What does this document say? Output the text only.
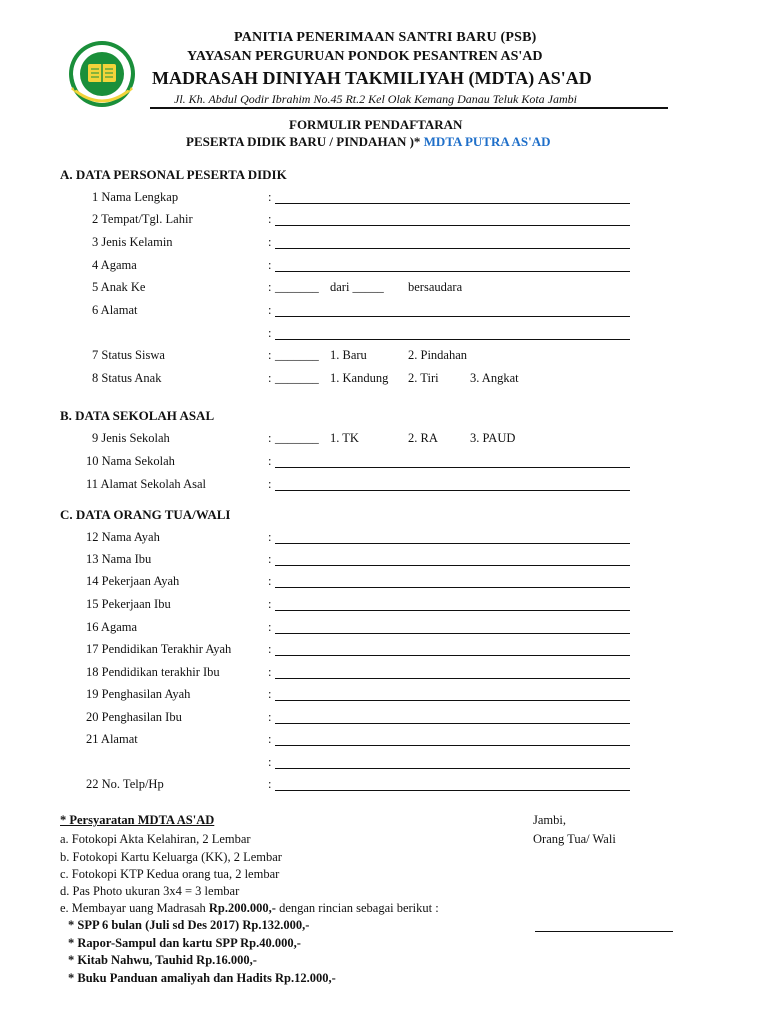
PANITIA PENERIMAAN SANTRI BARU (PSB)
YAYASAN PERGURUAN PONDOK PESANTREN AS'AD
MADRASAH DINIYAH TAKMILIYAH (MDTA) AS'AD
Jl. Kh. Abdul Qodir Ibrahim No.45 Rt.2 Kel Olak Kemang Danau Teluk Kota Jambi
FORMULIR PENDAFTARAN
PESERTA DIDIK BARU / PINDAHAN )* MDTA PUTRA AS'AD
A. DATA PERSONAL PESERTA DIDIK
1 Nama Lengkap	:
2 Tempat/Tgl. Lahir	:
3 Jenis Kelamin	:
4 Agama	:
5 Anak Ke	: _______ dari _____ bersaudara
6 Alamat	:
:
7 Status Siswa	: _______ 1. Baru	2. Pindahan
8 Status Anak	: _______ 1. Kandung 2. Tiri	3. Angkat
B. DATA SEKOLAH ASAL
9 Jenis Sekolah	: _______ 1. TK	2. RA	3. PAUD
10 Nama Sekolah	:
11 Alamat Sekolah Asal	:
C. DATA ORANG TUA/WALI
12 Nama Ayah	:
13 Nama Ibu	:
14 Pekerjaan Ayah	:
15 Pekerjaan Ibu	:
16 Agama	:
17 Pendidikan Terakhir Ayah	:
18 Pendidikan terakhir Ibu	:
19 Penghasilan Ayah	:
20 Penghasilan Ibu	:
21 Alamat	:
:
22 No. Telp/Hp	:
* Persyaratan MDTA AS'AD
a. Fotokopi Akta Kelahiran, 2 Lembar
b. Fotokopi Kartu Keluarga (KK), 2 Lembar
c. Fotokopi KTP Kedua orang tua, 2 lembar
d. Pas Photo ukuran 3x4 = 3 lembar
e. Membayar uang Madrasah Rp.200.000,- dengan rincian sebagai berikut :
* SPP 6 bulan (Juli sd Des 2017) Rp.132.000,-
* Rapor-Sampul dan kartu SPP Rp.40.000,-
* Kitab Nahwu, Tauhid Rp.16.000,-
* Buku Panduan amaliyah dan Hadits Rp.12.000,-
Jambi,
Orang Tua/ Wali
